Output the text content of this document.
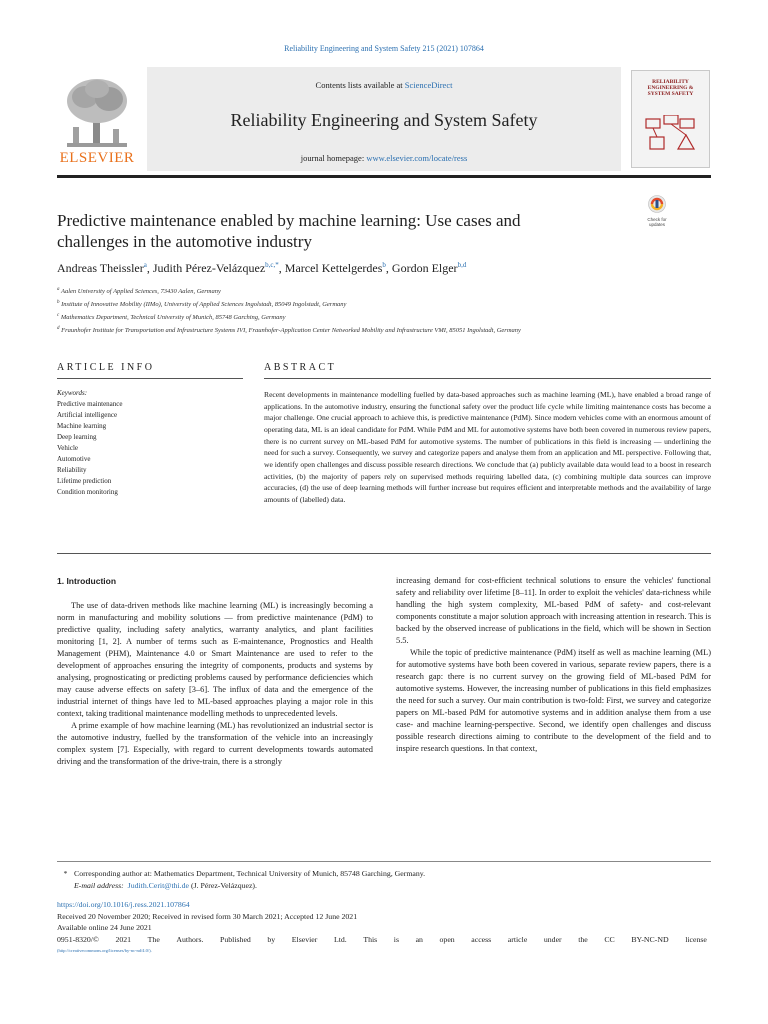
Reliability Engineering and System Safety 215 (2021) 107864
ELSEVIER
Contents lists available at ScienceDirect
Reliability Engineering and System Safety
journal homepage: www.elsevier.com/locate/ress
RELIABILITY ENGINEERING & SYSTEM SAFETY
Predictive maintenance enabled by machine learning: Use cases and challenges in the automotive industry
Check for updates
Andreas Theissler$^a$, Judith Pérez-Velázquez$^{b,c,*}$, Marcel Kettelgerdes$^b$, Gordon Elger$^{b,d}$
$^a$ Aalen University of Applied Sciences, 73430 Aalen, Germany
$^b$ Institute of Innovative Mobility (IIMo), University of Applied Sciences Ingolstadt, 85049 Ingolstadt, Germany
$^c$ Mathematics Department, Technical University of Munich, 85748 Garching, Germany
$^d$ Fraunhofer Institute for Transportation and Infrastructure Systems IVI, Fraunhofer-Application Center Networked Mobility and Infrastructure VMI, 85051 Ingolstadt, Germany
ARTICLE INFO	ABSTRACT
Keywords:
Predictive maintenance
Artificial intelligence
Machine learning
Deep learning
Vehicle
Automotive
Reliability
Lifetime prediction
Condition monitoring
Recent developments in maintenance modelling fuelled by data-based approaches such as machine learning (ML), have enabled a broad range of applications. In the automotive industry, ensuring the functional safety over the product life cycle while limiting maintenance costs has become a major challenge. One crucial approach to achieve this, is predictive maintenance (PdM). Since modern vehicles come with an enormous amount of operating data, ML is an ideal candidate for PdM. While PdM and ML for automotive systems have both been covered in numerous review papers, there is no current survey on ML-based PdM for automotive systems. The number of publications in this field is increasing — underlining the need for such a survey. Consequently, we survey and categorize papers and analyse them from an application and ML perspective. Following that, we identify open challenges and discuss possible research directions. We conclude that (a) publicly available data would lead to a boost in research activities, (b) the majority of papers rely on supervised methods requiring labelled data, (c) combining multiple data sources can improve accuracies, (d) the use of deep learning methods will further increase but requires efficient and interpretable methods and the availability of large amounts of (labelled) data.
1. Introduction

The use of data-driven methods like machine learning (ML) is increasingly becoming a norm in manufacturing and mobility solutions — from predictive maintenance (PdM) to predictive quality, including safety analytics, warranty analytics, and plant facilities monitoring [1, 2]. A number of terms such as E-maintenance, Prognostics and Health Management (PHM), Maintenance 4.0 or Smart Maintenance are used to refer to the development of approaches ensuring the integrity of components, products and systems by analysing, prognosticating or predicting problems caused by performance deficiencies which may cause adverse effects on safety [3–6]. The influx of data and the emergence of the industrial internet of things have led to ML-based approaches playing a major role in this context, taking traditional maintenance modelling methods to unprecedented levels.

A prime example of how machine learning (ML) has revolutionized an industrial sector is the automotive industry, fuelled by the transformation of the vehicle into an increasingly complex system [7]. Especially, with regard to current developments towards automated driving and the transformation of the drive-train, there is a strongly

increasing demand for cost-efficient technical solutions to ensure the vehicles' functional safety and reliability over lifetime [8–11]. In order to exploit the vehicles' data-richness while handling the high system complexity, ML-based PdM of safety- and cost-relevant components constitute a major solution approach with increasing attention in research. This is backed by the observed increase of publications in the field, which will be shown in Section 5.5.

While the topic of predictive maintenance (PdM) itself as well as machine learning (ML) for automotive systems have both been covered in various, separate review papers, there is a research gap: there is no current survey on the growing field of ML-based PdM for automotive systems. However, the increasing number of publications in this field emphasizes the need for such a survey. Our main contribution is two-fold: First, we survey and categorize papers on ML-based PdM for automotive systems and in addition analyse them from a use case- and machine learning-perspective. Second, we identify open challenges and discuss possible research directions aiming to contribute to the development of the field and to inspire research questions. In that context,

* Corresponding author at: Mathematics Department, Technical University of Munich, 85748 Garching, Germany.
E-mail address: Judith.Cerit@thi.de (J. Pérez-Velázquez).
https://doi.org/10.1016/j.ress.2021.107864
Received 20 November 2020; Received in revised form 30 March 2021; Accepted 12 June 2021
Available online 24 June 2021
0951-8320/© 2021 The Authors. Published by Elsevier Ltd. This is an open access article under the CC BY-NC-ND license
(http://creativecommons.org/licenses/by-nc-nd/4.0/).
